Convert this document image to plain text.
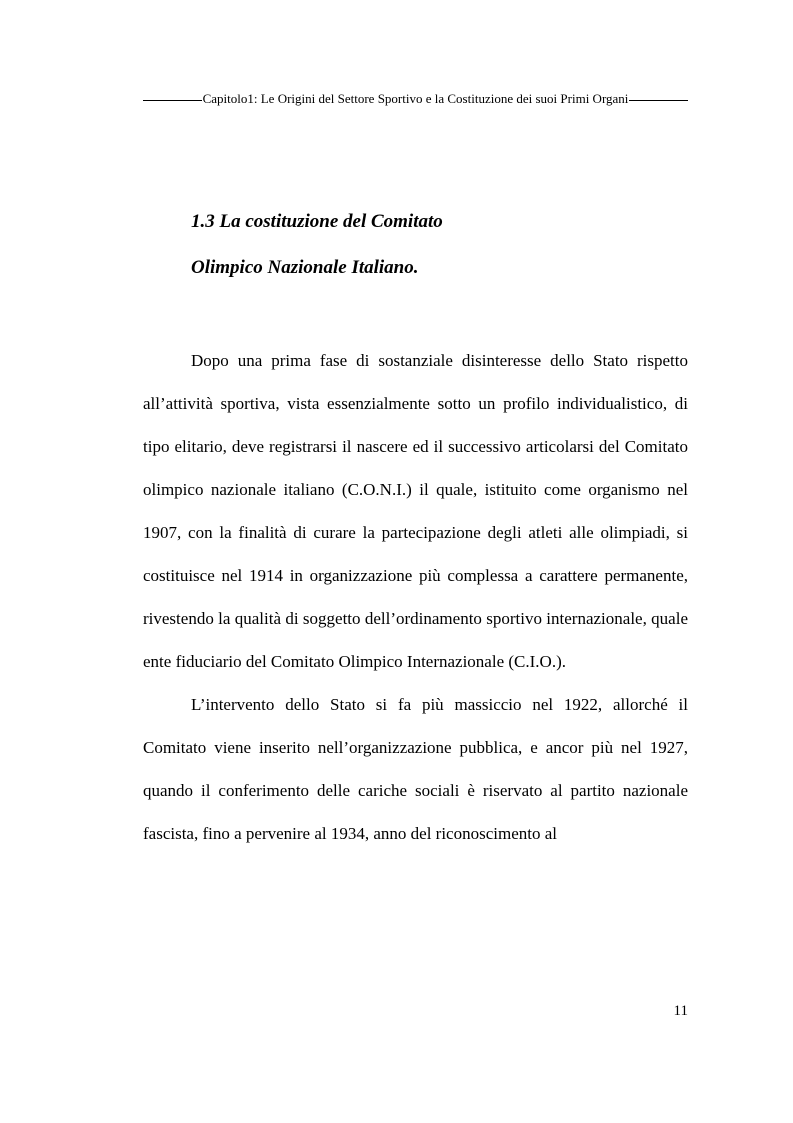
Capitolo1: Le Origini del Settore Sportivo e la Costituzione dei suoi Primi Organi
1.3 La costituzione del Comitato
Olimpico Nazionale Italiano.

Dopo una prima fase di sostanziale disinteresse dello Stato rispetto all’attività sportiva, vista essenzialmente sotto un profilo individualistico, di tipo elitario, deve registrarsi il nascere ed il successivo articolarsi del Comitato olimpico nazionale italiano (C.O.N.I.) il quale, istituito come organismo nel 1907, con la finalità di curare la partecipazione degli atleti alle olimpiadi, si costituisce nel 1914 in organizzazione più complessa a carattere permanente, rivestendo la qualità di soggetto dell’ordinamento sportivo internazionale, quale ente fiduciario del Comitato Olimpico Internazionale (C.I.O.).

L’intervento dello Stato si fa più massiccio nel 1922, allorché il Comitato viene inserito nell’organizzazione pubblica, e ancor più nel 1927, quando il conferimento delle cariche sociali è riservato al partito nazionale fascista, fino a pervenire al 1934, anno del riconoscimento al

11
